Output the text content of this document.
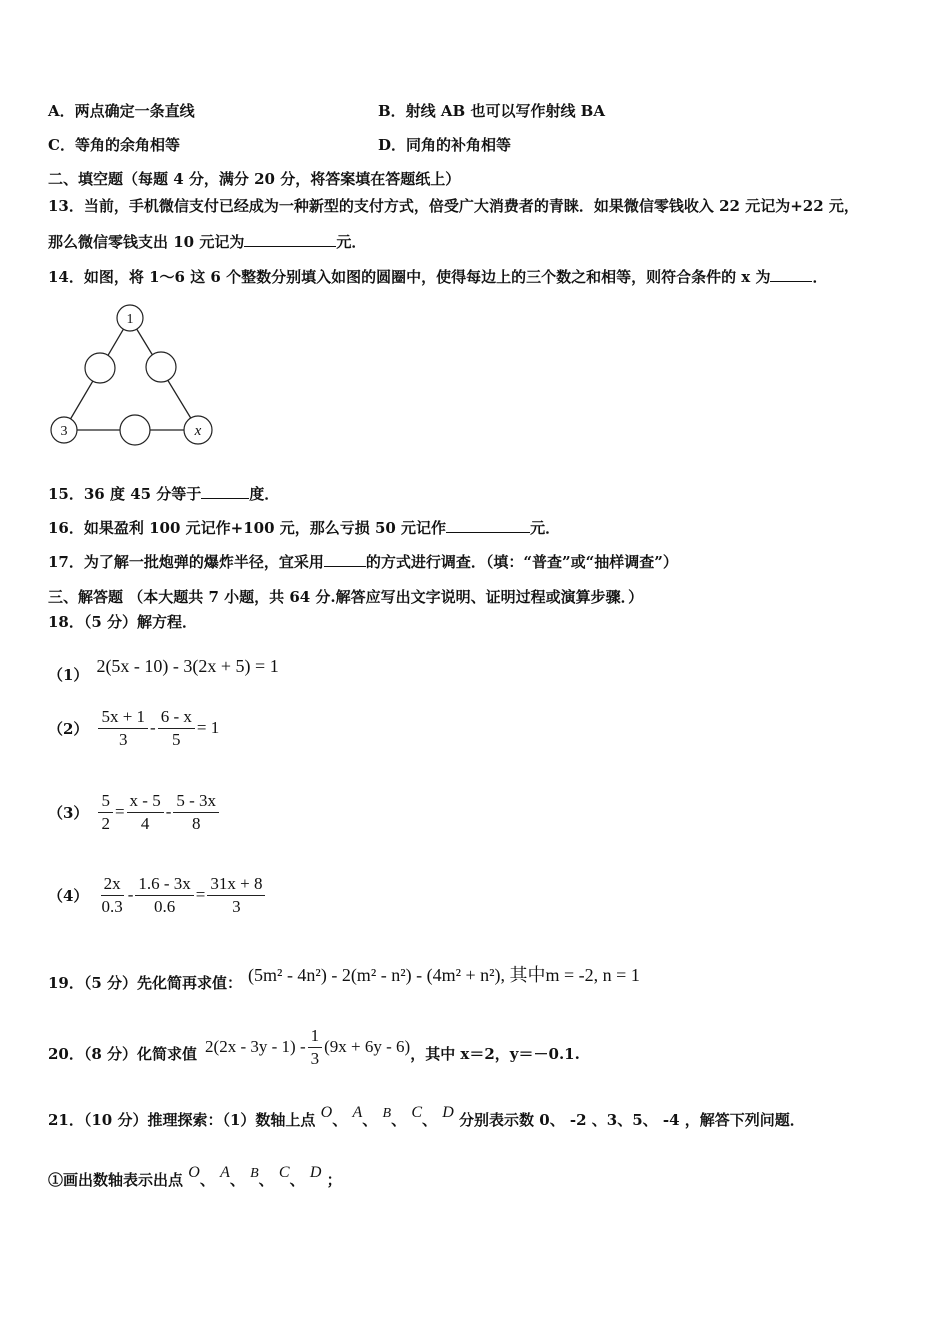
A．两点确定一条直线	B．射线 AB 也可以写作射线 BA
C．等角的余角相等	D．同角的补角相等
二、填空题（每题 4 分，满分 20 分，将答案填在答题纸上）
13．当前，手机微信支付已经成为一种新型的支付方式，倍受广大消费者的青睐．如果微信零钱收入 22 元记为+22 元，
那么微信零钱支出 10 元记为	元．
14．如图，将 1～6 这 6 个整数分别填入如图的圆圈中，使得每边上的三个数之和相等，则符合条件的 x 为	．
1
3	x
15．36 度 45 分等于	度．
16．如果盈利 100 元记作+100 元，那么亏损 50 元记作	元．
17．为了解一批炮弹的爆炸半径，宜采用	的方式进行调查．（填：“普查”或“抽样调查”）
三、解答题 （本大题共 7 小题，共 64 分.解答应写出文字说明、证明过程或演算步骤．）
18．（5 分）解方程．
（1） 2(5x - 10) - 3(2x + 5) = 1
$(2) \frac{5x + 1}{3} - \frac{6 - x}{5} = 1$
$(3) \frac{5}{2} = \frac{x - 5}{4} - \frac{5 - 3x}{8}$
$(4) \frac{2x}{0.3} - \frac{1.6 - 3x}{0.6} = \frac{31x + 8}{3}$
19．（5 分）先化简再求值： (5m² - 4n²) - 2(m² - n²) - (4m² + n²), 其中m = -2, n = 1
20．（8 分）化简求值 $2(2x - 3y - 1) - \frac{1}{3} (9x + 6y - 6)$ ，其中 x＝2，y＝－0.1.
21．（10 分）推理探索：（1）数轴上点 O、 A、 B、 C、 D 分别表示数 0、 -2 、3、5、 -4 ，解答下列问题．
①画出数轴表示出点 O、 A、 B、 C、 D ；
